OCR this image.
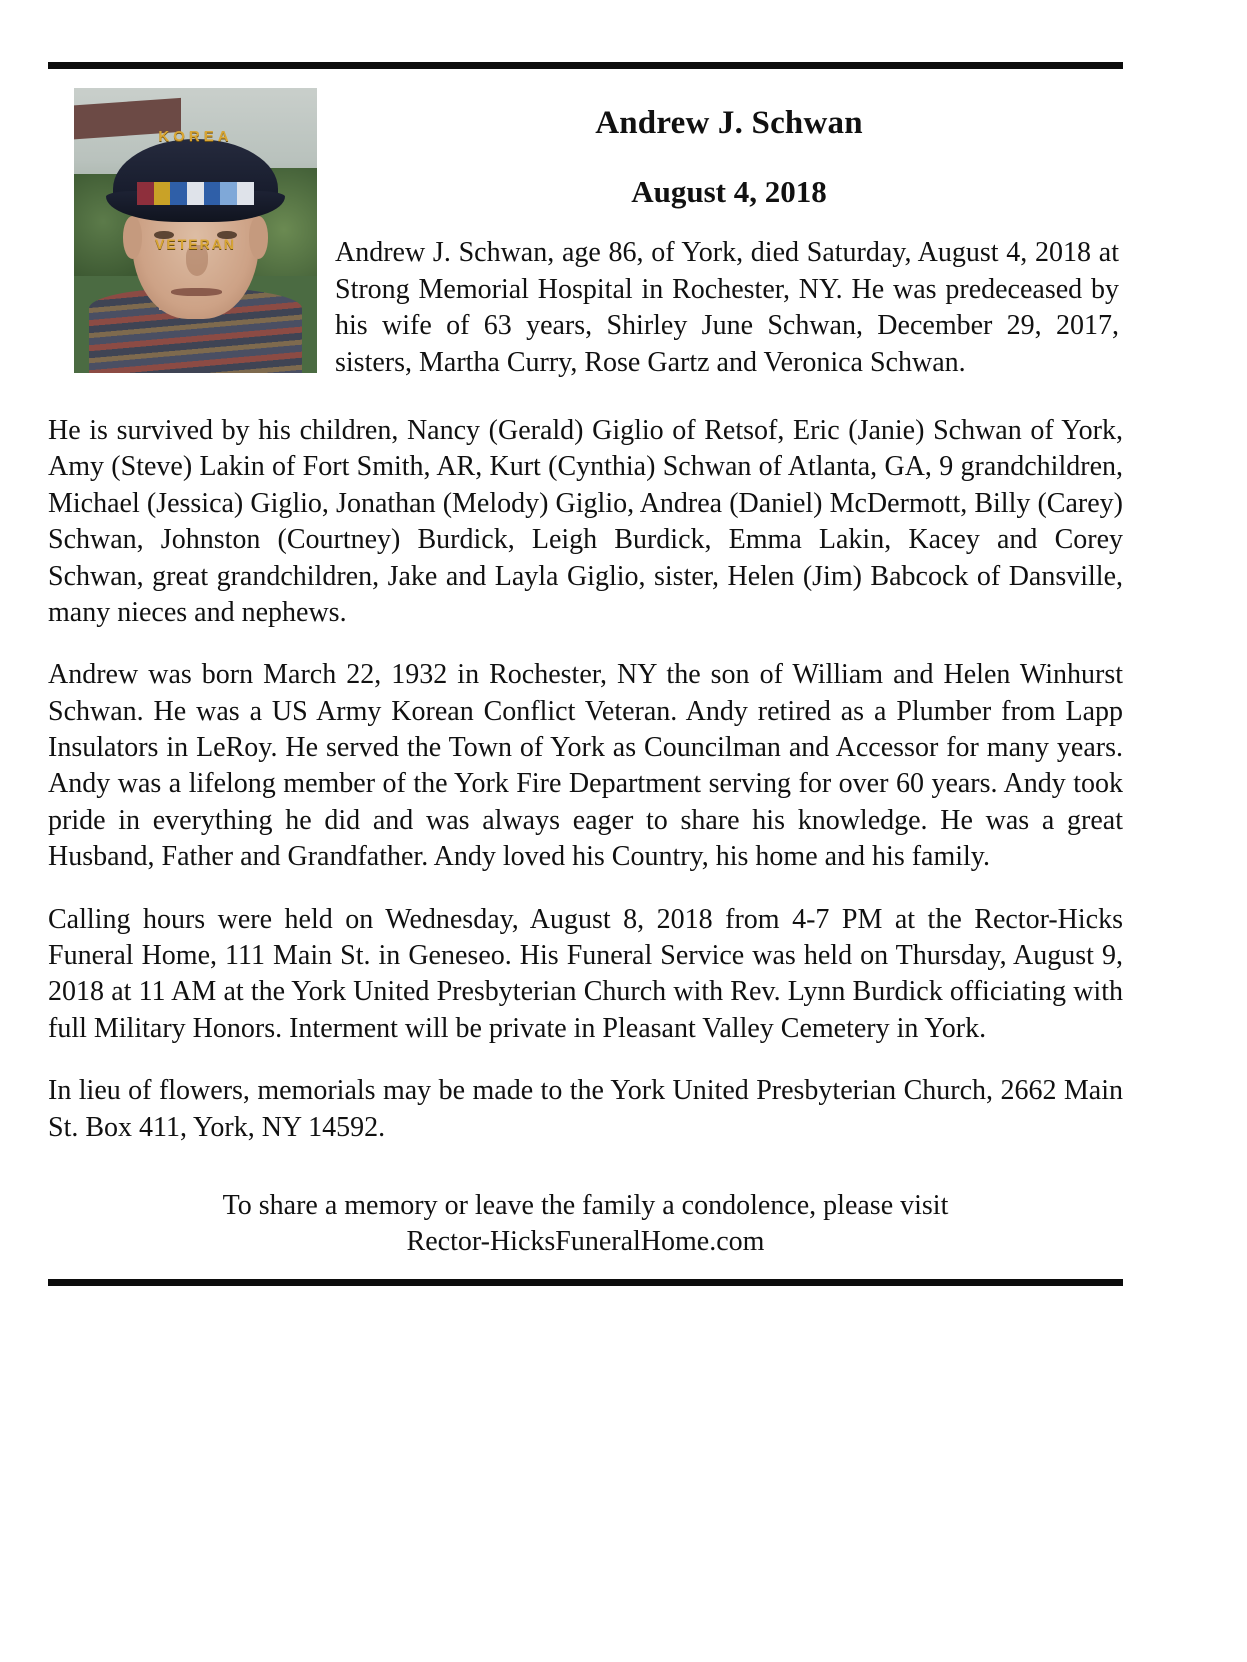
KOREA
VETERAN
Andrew J. Schwan
August 4, 2018
Andrew J. Schwan, age 86, of York, died Saturday, August 4, 2018 at Strong Memorial Hospital in Rochester, NY. He was predeceased by his wife of 63 years, Shirley June Schwan, December 29, 2017, sisters, Martha Curry, Rose Gartz and Veronica Schwan.

He is survived by his children, Nancy (Gerald) Giglio of Retsof, Eric (Janie) Schwan of York, Amy (Steve) Lakin of Fort Smith, AR, Kurt (Cynthia) Schwan of Atlanta, GA, 9 grandchildren, Michael (Jessica) Giglio, Jonathan (Melody) Giglio, Andrea (Daniel) McDermott, Billy (Carey) Schwan, Johnston (Courtney) Burdick, Leigh Burdick, Emma Lakin, Kacey and Corey Schwan, great grandchildren, Jake and Layla Giglio, sister, Helen (Jim) Babcock of Dansville, many nieces and nephews.

Andrew was born March 22, 1932 in Rochester, NY the son of William and Helen Winhurst Schwan. He was a US Army Korean Conflict Veteran. Andy retired as a Plumber from Lapp Insulators in LeRoy. He served the Town of York as Councilman and Accessor for many years. Andy was a lifelong member of the York Fire Department serving for over 60 years. Andy took pride in everything he did and was always eager to share his knowledge. He was a great Husband, Father and Grandfather. Andy loved his Country, his home and his family.

Calling hours were held on Wednesday, August 8, 2018 from 4-7 PM at the Rector-Hicks Funeral Home, 111 Main St. in Geneseo. His Funeral Service was held on Thursday, August 9, 2018 at 11 AM at the York United Presbyterian Church with Rev. Lynn Burdick officiating with full Military Honors. Interment will be private in Pleasant Valley Cemetery in York.

In lieu of flowers, memorials may be made to the York United Presbyterian Church, 2662 Main St. Box 411, York, NY 14592.

To share a memory or leave the family a condolence, please visit
Rector-HicksFuneralHome.com
